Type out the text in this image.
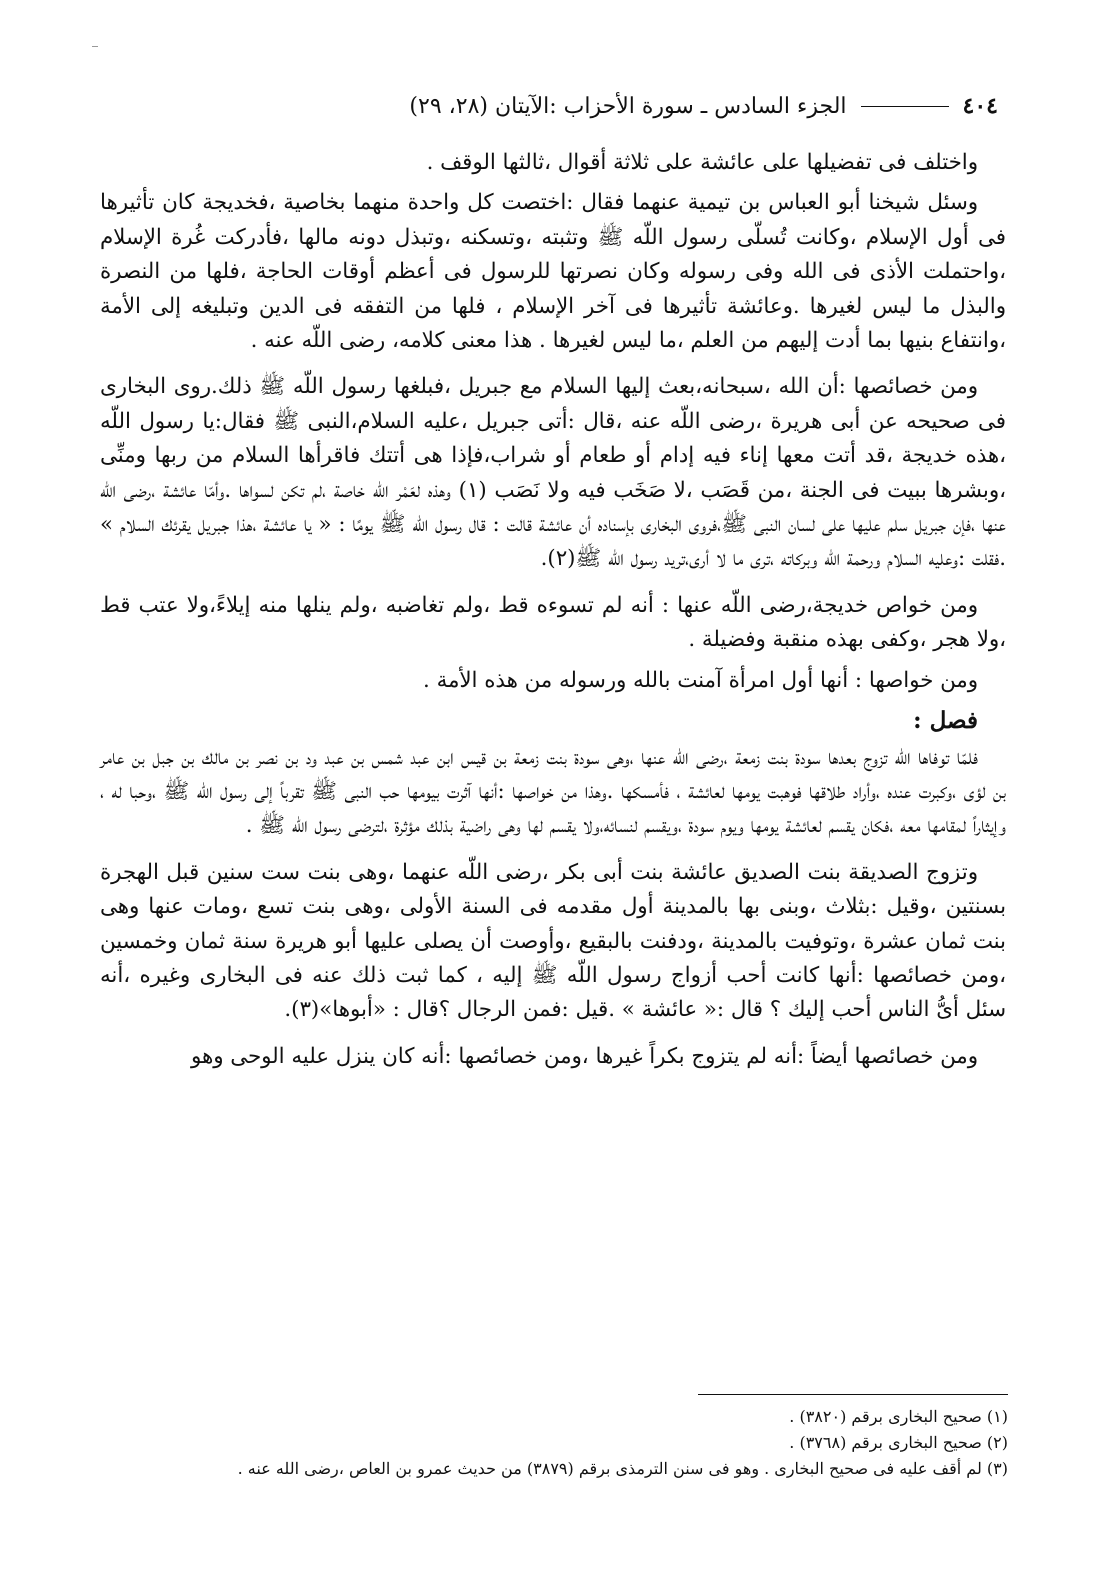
٤٠٤
الجزء السادس ـ سورة الأحزاب :الآيتان (٢٨، ٢٩)

واختلف فى تفضيلها على عائشة على ثلاثة أقوال ،ثالثها الوقف .

وسئل شيخنا أبو العباس بن تيمية عنهما فقال :اختصت كل واحدة منهما بخاصية ،فخديجة كان تأثيرها فى أول الإسلام ،وكانت تُسلّى رسول اللّه ﷺ وتثبته ،وتسكنه ،وتبذل دونه مالها ،فأدركت غُرة الإسلام ،واحتملت الأذى فى الله وفى رسوله وكان نصرتها للرسول فى أعظم أوقات الحاجة ،فلها من النصرة والبذل ما ليس لغيرها .وعائشة تأثيرها فى آخر الإسلام ، فلها من التفقه فى الدين وتبليغه إلى الأمة ،وانتفاع بنيها بما أدت إليهم من العلم ،ما ليس لغيرها . هذا معنى كلامه، رضى اللّه عنه .

ومن خصائصها :أن الله ،سبحانه،بعث إليها السلام مع جبريل ،فبلغها رسول اللّه ﷺ ذلك.روى البخارى فى صحيحه عن أبى هريرة ،رضى اللّه عنه ،قال :أتى جبريل ،عليه السلام،النبى ﷺ فقال:يا رسول اللّه ،هذه خديجة ،قد أتت معها إناء فيه إدام أو طعام أو شراب،فإذا هى أتتك فاقرأها السلام من ربها ومنِّى ،وبشرها ببيت فى الجنة ،من قَصَب ،لا صَخَب فيه ولا نَصَب (١) وهذه لعَمْر الله خاصة ،لم تكن لسواها .وأمّا عائشة ،رضى اللّه عنها ،فإن جبريل سلم عليها على لسان النبى ﷺ،فروى البخارى بإسناده أن عائشة قالت : قال رسول اللّه ﷺ يومًا : « يا عائشة ،هذا جبريل يقرئك السلام » .فقلت :وعليه السلام ورحمة اللّه وبركاته ،ترى ما لا أرى،تريد رسول اللّه ﷺ(٢).

ومن خواص خديجة،رضى اللّه عنها : أنه لم تسوءه قط ،ولم تغاضبه ،ولم ينلها منه إيلاءً،ولا عتب قط ،ولا هجر ،وكفى بهذه منقبة وفضيلة .

ومن خواصها : أنها أول امرأة آمنت بالله ورسوله من هذه الأمة .

فصل :

فلمّا توفاها اللّه تزوج بعدها سودة بنت زمعة ،رضى اللّه عنها ،وهى سودة بنت زمعة بن قيس ابن عبد شمس بن عبد ود بن نصر بن مالك بن جبل بن عامر بن لؤى ،وكبرت عنده ،وأراد طلاقها فوهبت يومها لعائشة ، فأمسكها .وهذا من خواصها :أنها آثرت بيومها حب النبى ﷺ تقرباً إلى رسول اللّه ﷺ ،وحبا له ، وإيثاراً لمقامها معه ،فكان يقسم لعائشة يومها ويوم سودة ،ويقسم لنسائه،ولا يقسم لها وهى راضية بذلك مؤثرة ،لترضى رسول اللّه ﷺ .

وتزوج الصديقة بنت الصديق عائشة بنت أبى بكر ،رضى اللّه عنهما ،وهى بنت ست سنين قبل الهجرة بسنتين ،وقيل :بثلاث ،وبنى بها بالمدينة أول مقدمه فى السنة الأولى ،وهى بنت تسع ،ومات عنها وهى بنت ثمان عشرة ،وتوفيت بالمدينة ،ودفنت بالبقيع ،وأوصت أن يصلى عليها أبو هريرة سنة ثمان وخمسين ،ومن خصائصها :أنها كانت أحب أزواج رسول اللّه ﷺ إليه ، كما ثبت ذلك عنه فى البخارى وغيره ،أنه سئل أىُّ الناس أحب إليك ؟ قال :« عائشة » .قيل :فمن الرجال ؟قال : «أبوها»(٣).

ومن خصائصها أيضاً :أنه لم يتزوج بكراً غيرها ،ومن خصائصها :أنه كان ينزل عليه الوحى وهو

(١) صحيح البخارى برقم (٣٨٢٠) .
(٢) صحيح البخارى برقم (٣٧٦٨) .
(٣) لم أقف عليه فى صحيح البخارى . وهو فى سنن الترمذى برقم (٣٨٧٩) من حديث عمرو بن العاص ،رضى الله عنه .
